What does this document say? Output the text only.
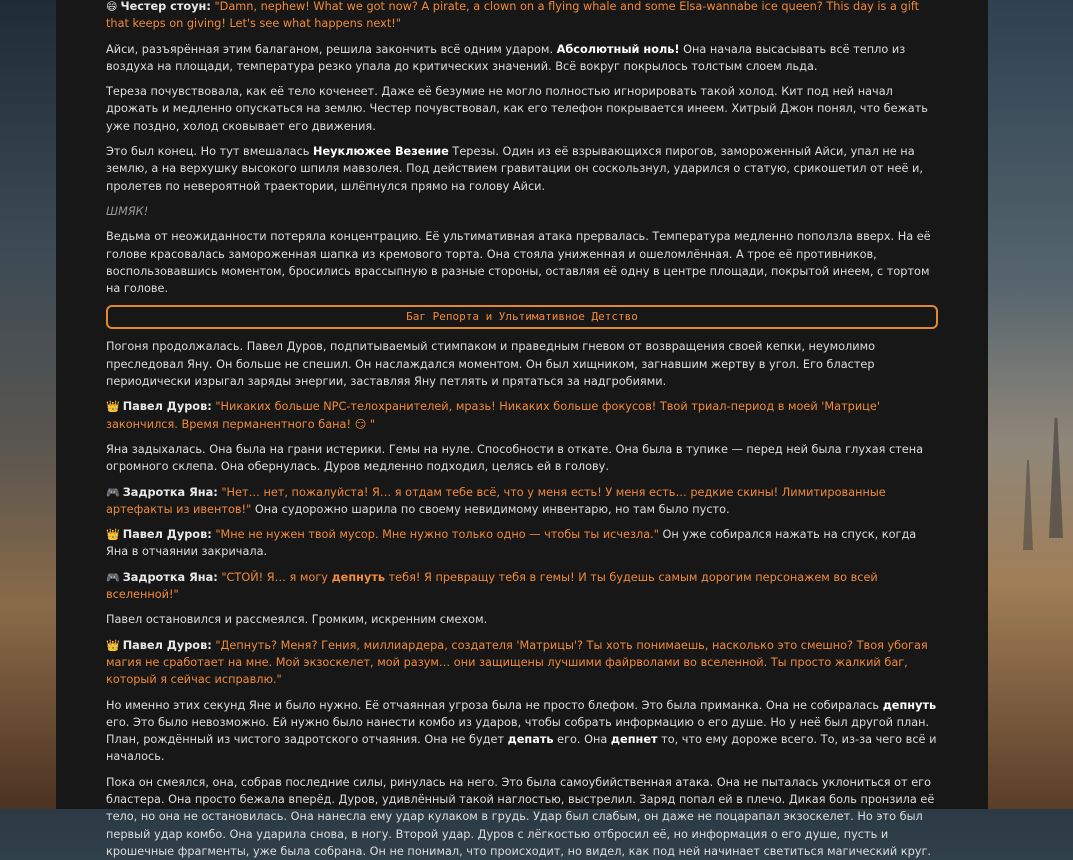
😄 Честер стоун: "Damn, nephew! What we got now? A pirate, a clown on a flying whale and some Elsa-wannabe ice queen? This day is a gift that keeps on giving! Let's see what happens next!"

Айси, разъярённая этим балаганом, решила закончить всё одним ударом. Абсолютный ноль! Она начала высасывать всё тепло из воздуха на площади, температура резко упала до критических значений. Всё вокруг покрылось толстым слоем льда.

Тереза почувствовала, как её тело коченеет. Даже её безумие не могло полностью игнорировать такой холод. Кит под ней начал дрожать и медленно опускаться на землю. Честер почувствовал, как его телефон покрывается инеем. Хитрый Джон понял, что бежать уже поздно, холод сковывает его движения.

Это был конец. Но тут вмешалась Неуклюжее Везение Терезы. Один из её взрывающихся пирогов, замороженный Айси, упал не на землю, а на верхушку высокого шпиля мавзолея. Под действием гравитации он соскользнул, ударился о статую, срикошетил от неё и, пролетев по невероятной траектории, шлёпнулся прямо на голову Айси.

ШМЯК!

Ведьма от неожиданности потеряла концентрацию. Её ультимативная атака прервалась. Температура медленно поползла вверх. На её голове красовалась замороженная шапка из кремового торта. Она стояла униженная и ошеломлённая. А трое её противников, воспользовавшись моментом, бросились врассыпную в разные стороны, оставляя её одну в центре площади, покрытой инеем, с тортом на голове.

Баг Репорта и Ультимативное Детство

Погоня продолжалась. Павел Дуров, подпитываемый стимпаком и праведным гневом от возвращения своей кепки, неумолимо преследовал Яну. Он больше не спешил. Он наслаждался моментом. Он был хищником, загнавшим жертву в угол. Его бластер периодически изрыгал заряды энергии, заставляя Яну петлять и прятаться за надгробиями.

👑 Павел Дуров: "Никаких больше NPC-телохранителей, мразь! Никаких больше фокусов! Твой триал-период в моей 'Матрице' закончился. Время перманентного бана! 😏 "

Яна задыхалась. Она была на грани истерики. Гемы на нуле. Способности в откате. Она была в тупике — перед ней была глухая стена огромного склепа. Она обернулась. Дуров медленно подходил, целясь ей в голову.

🎮 Задротка Яна: "Нет… нет, пожалуйста! Я… я отдам тебе всё, что у меня есть! У меня есть… редкие скины! Лимитированные артефакты из ивентов!" Она судорожно шарила по своему невидимому инвентарю, но там было пусто.

👑 Павел Дуров: "Мне не нужен твой мусор. Мне нужно только одно — чтобы ты исчезла." Он уже собирался нажать на спуск, когда Яна в отчаянии закричала.

🎮 Задротка Яна: "СТОЙ! Я… я могу депнуть тебя! Я превращу тебя в гемы! И ты будешь самым дорогим персонажем во всей вселенной!"

Павел остановился и рассмеялся. Громким, искренним смехом.

👑 Павел Дуров: "Депнуть? Меня? Гения, миллиардера, создателя 'Матрицы'? Ты хоть понимаешь, насколько это смешно? Твоя убогая магия не сработает на мне. Мой экзоскелет, мой разум… они защищены лучшими файрволами во вселенной. Ты просто жалкий баг, который я сейчас исправлю."

Но именно этих секунд Яне и было нужно. Её отчаянная угроза была не просто блефом. Это была приманка. Она не собиралась депнуть его. Это было невозможно. Ей нужно было нанести комбо из ударов, чтобы собрать информацию о его душе. Но у неё был другой план. План, рождённый из чистого задротского отчаяния. Она не будет депать его. Она депнет то, что ему дороже всего. То, из-за чего всё и началось.

Пока он смеялся, она, собрав последние силы, ринулась на него. Это была самоубийственная атака. Она не пыталась уклониться от его бластера. Она просто бежала вперёд. Дуров, удивлённый такой наглостью, выстрелил. Заряд попал ей в плечо. Дикая боль пронзила её тело, но она не остановилась. Она нанесла ему удар кулаком в грудь. Удар был слабым, он даже не поцарапал экзоскелет. Но это был первый удар комбо. Она ударила снова, в ногу. Второй удар. Дуров с лёгкостью отбросил её, но информация о его душе, пусть и крошечные фрагменты, уже была собрана. Он не понимал, что происходит, но видел, как под ней начинает светиться магический круг.
